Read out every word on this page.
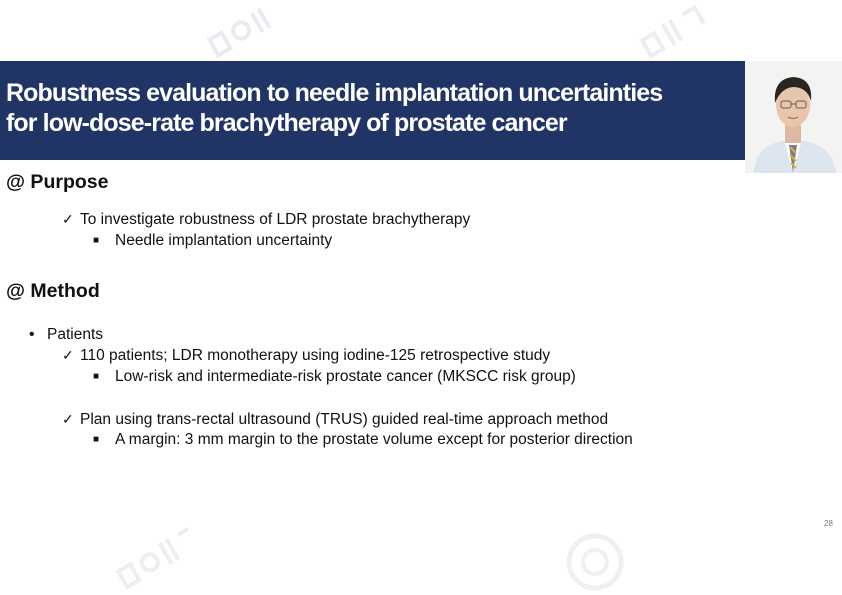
Robustness evaluation to needle implantation uncertainties
for low-dose-rate brachytherapy of prostate cancer
@ Purpose
✓ To investigate robustness of LDR prostate brachytherapy
■ Needle implantation uncertainty
@ Method
• Patients
✓ 110 patients; LDR monotherapy using iodine-125 retrospective study
■ Low-risk and intermediate-risk prostate cancer (MKSCC risk group)
✓ Plan using trans-rectal ultrasound (TRUS) guided real-time approach method
■ A margin: 3 mm margin to the prostate volume except for posterior direction
28
